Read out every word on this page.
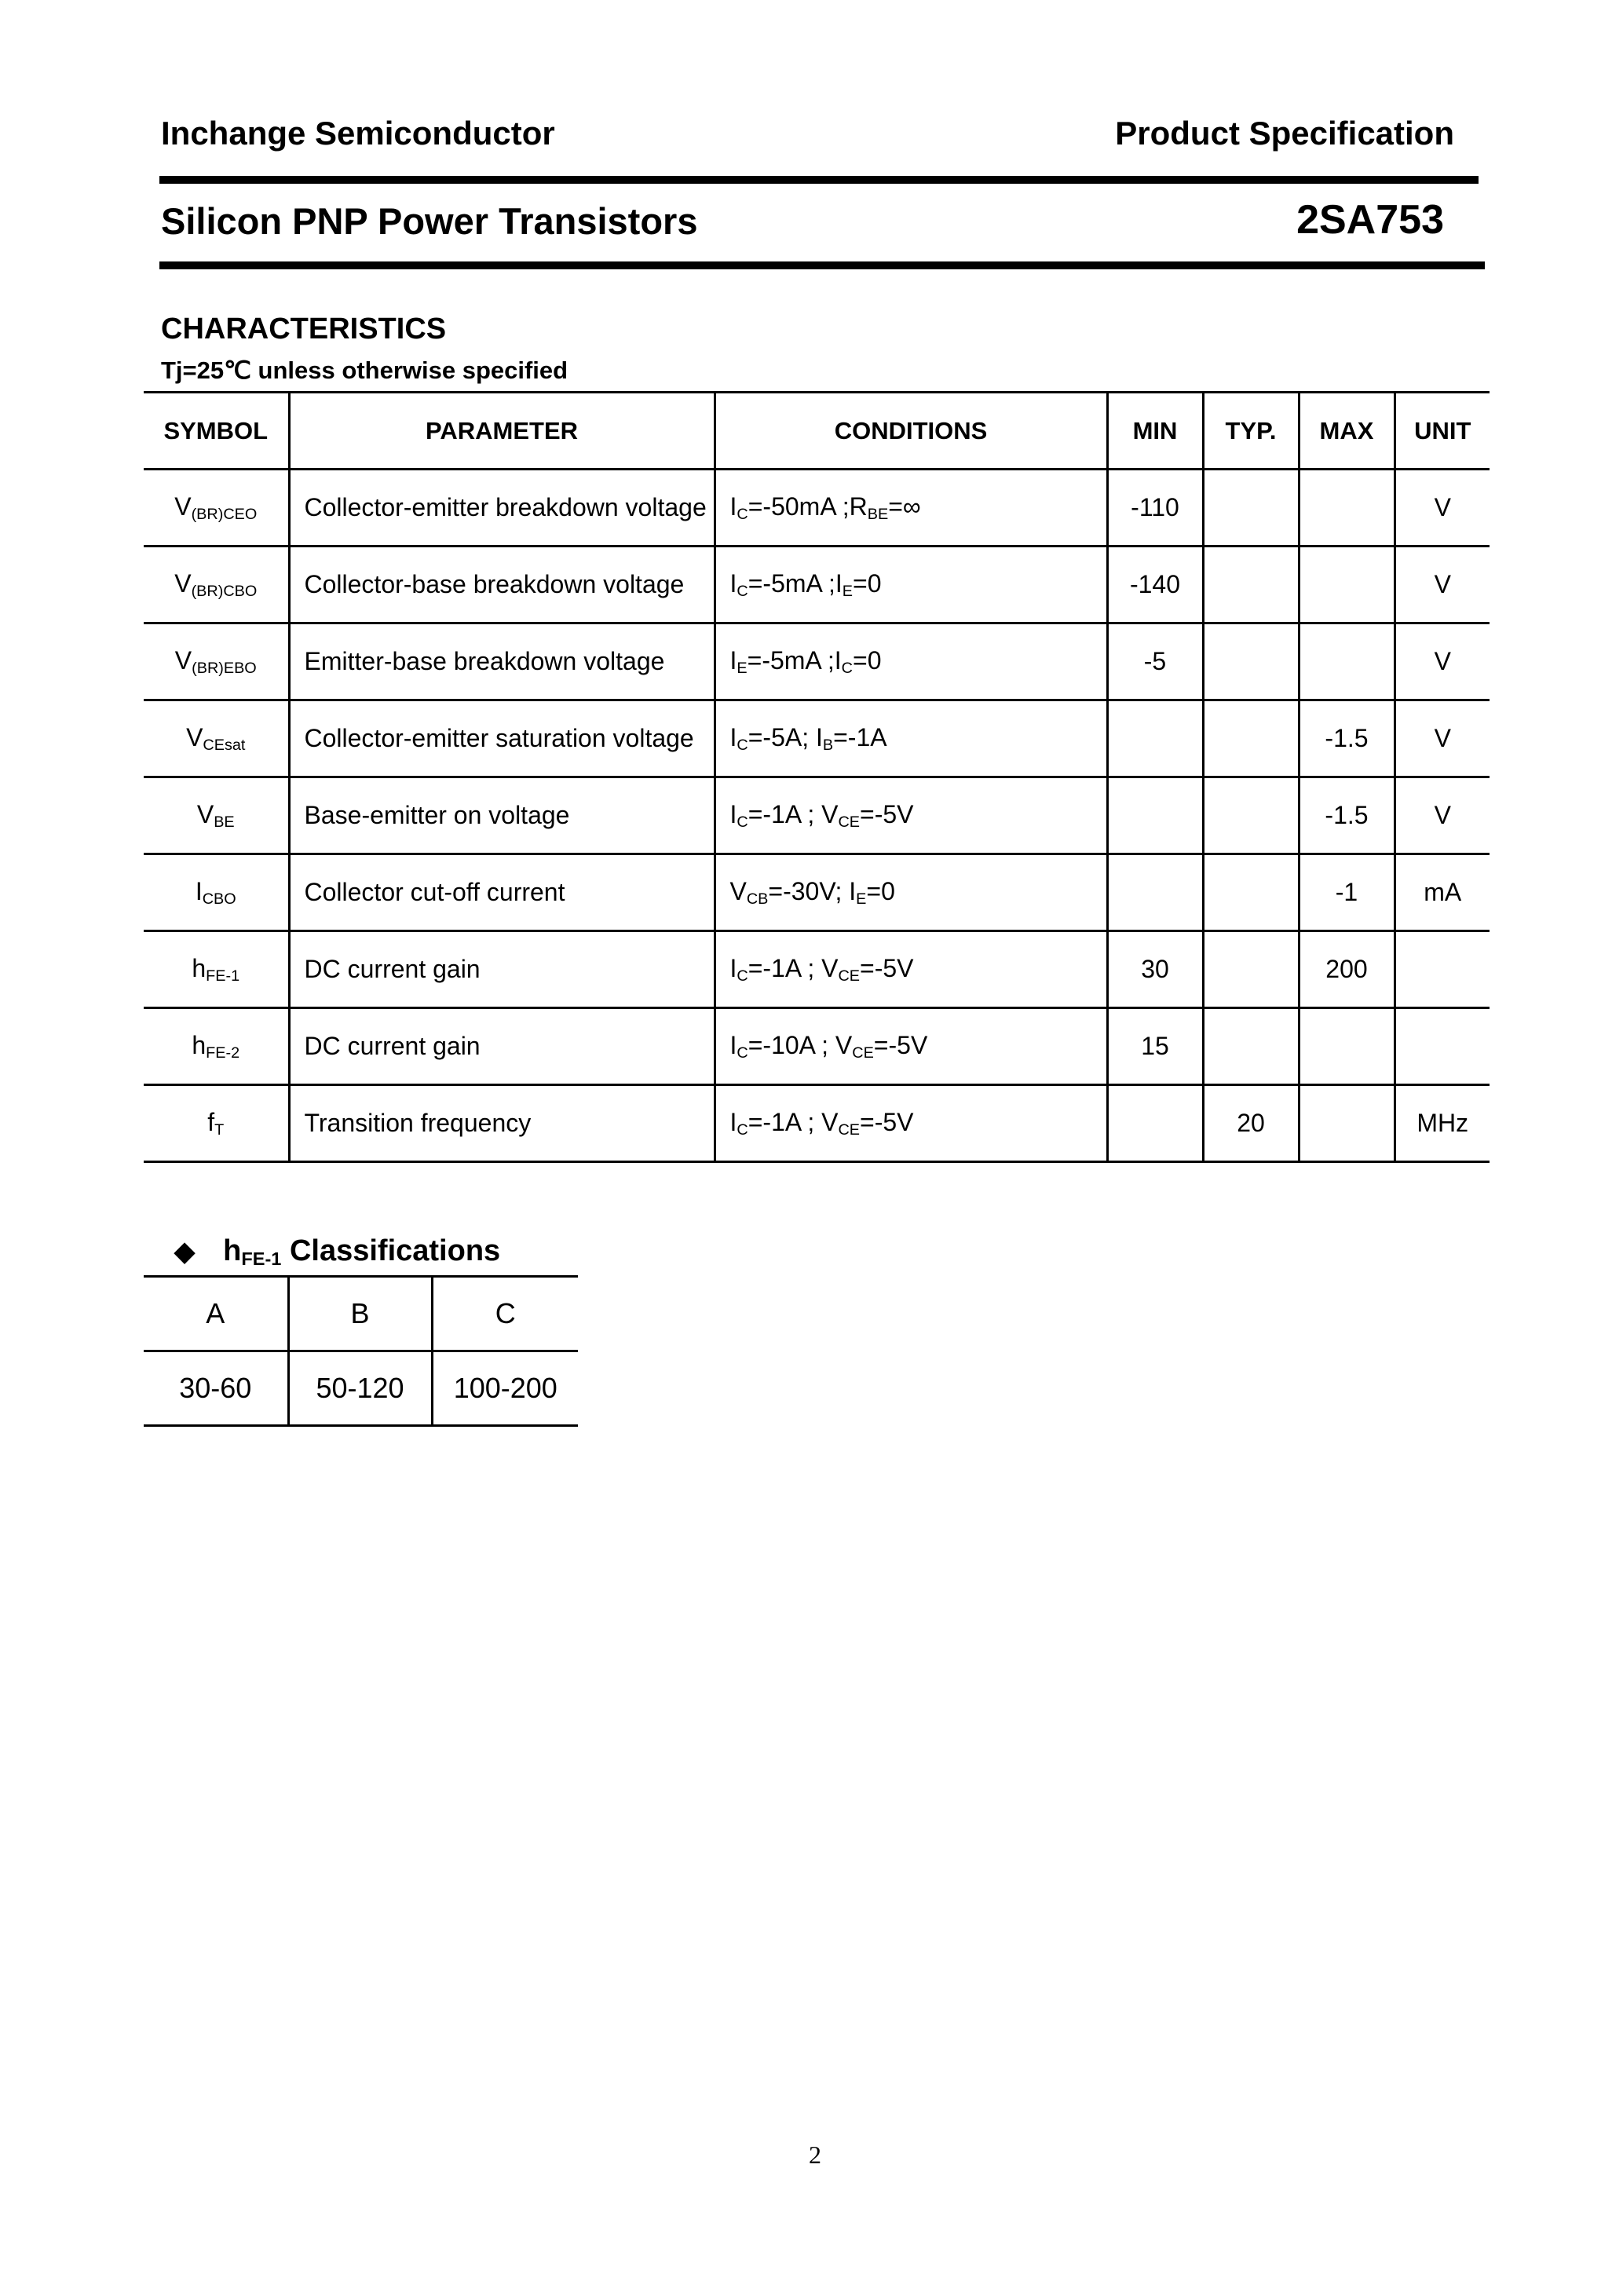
Inchange Semiconductor	Product Specification
Silicon PNP Power Transistors	2SA753
CHARACTERISTICS
Tj=25℃ unless otherwise specified
SYMBOL	PARAMETER	CONDITIONS	MIN	TYP.	MAX	UNIT
$V_{(BR)CEO}$	Collector-emitter breakdown voltage	$I_C=-50mA$ $;R_{BE}=\infty$	-110			V
$V_{(BR)CBO}$	Collector-base breakdown voltage	$I_C=-5mA$ $;I_E=0$	-140			V
$V_{(BR)EBO}$	Emitter-base breakdown voltage	$I_E=-5mA$ $;I_C=0$	-5			V
$V_{CEsat}$	Collector-emitter saturation voltage	$I_C=-5A$; $I_B=-1A$			-1.5	V
$V_{BE}$	Base-emitter on voltage	$I_C=-1A$ ; $V_{CE}=-5V$			-1.5	V
$I_{CBO}$	Collector cut-off current	$V_{CB}=-30V$; $I_E=0$			-1	mA
$h_{FE-1}$	DC current gain	$I_C=-1A$ ; $V_{CE}=-5V$	30		200	
$h_{FE-2}$	DC current gain	$I_C=-10A$ ; $V_{CE}=-5V$	15			
$f_T$	Transition frequency	$I_C=-1A$ ; $V_{CE}=-5V$		20		MHz
◆ $h_{FE-1}$ Classifications
A	B	C
30-60	50-120	100-200
2
